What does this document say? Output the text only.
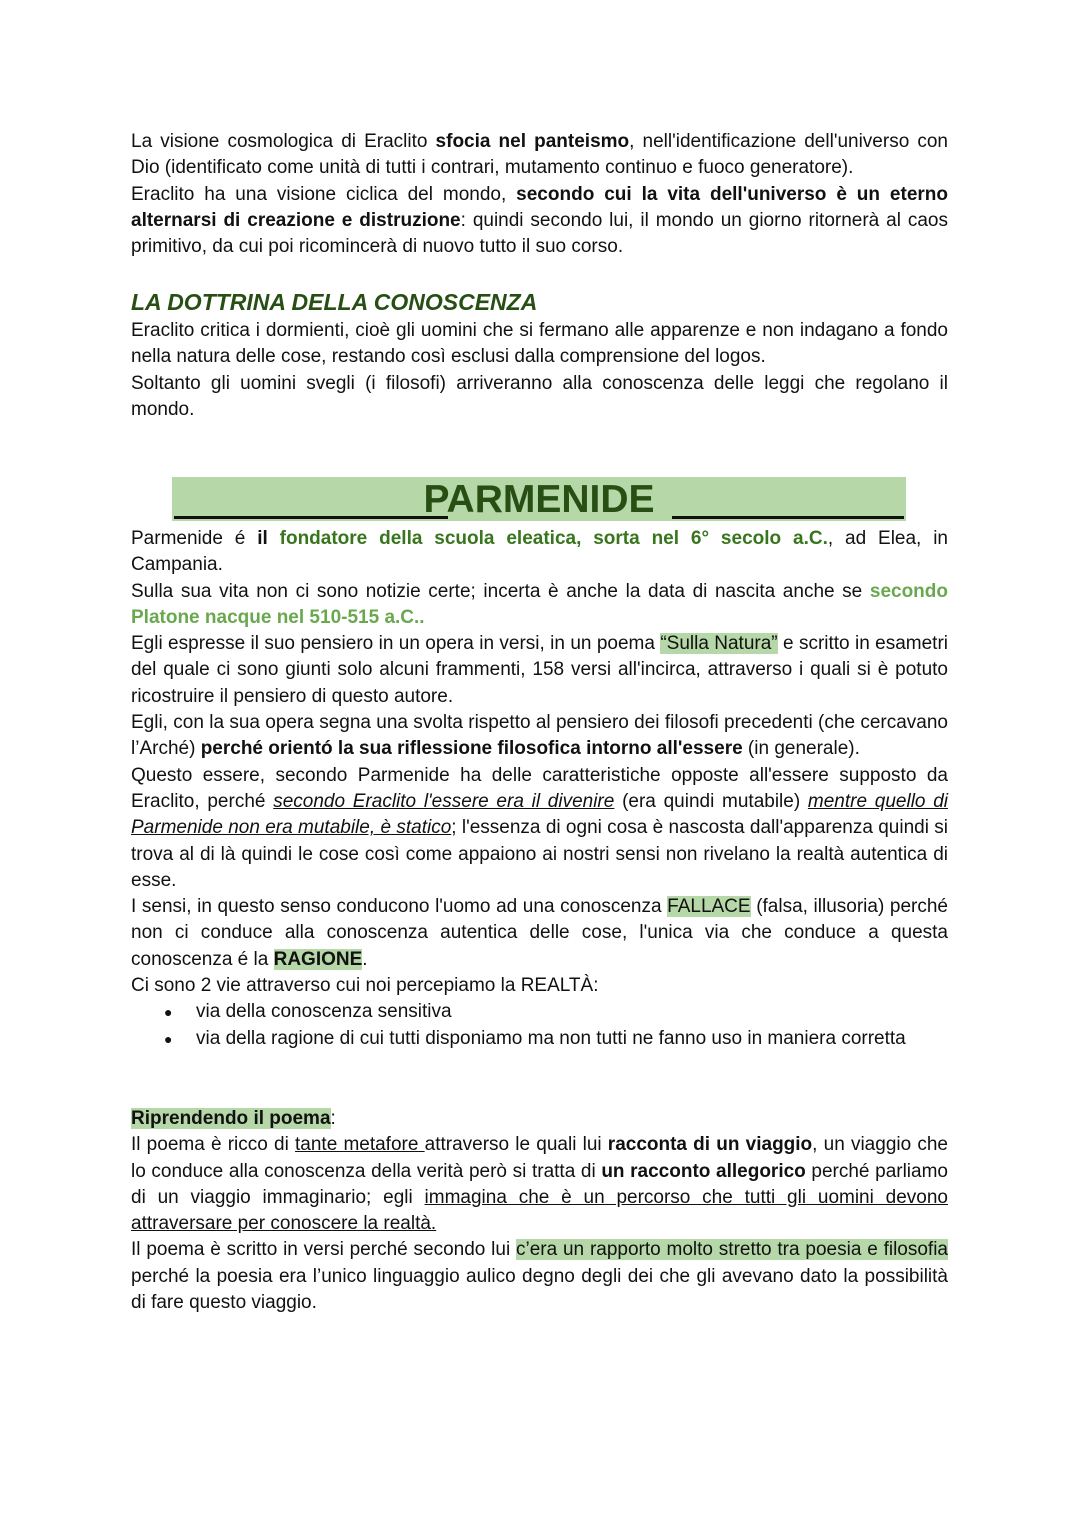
La visione cosmologica di Eraclito sfocia nel panteismo, nell'identificazione dell'universo con Dio (identificato come unità di tutti i contrari, mutamento continuo e fuoco generatore).

Eraclito ha una visione ciclica del mondo, secondo cui la vita dell'universo è un eterno alternarsi di creazione e distruzione: quindi secondo lui, il mondo un giorno ritornerà al caos primitivo, da cui poi ricomincerà di nuovo tutto il suo corso.

LA DOTTRINA DELLA CONOSCENZA

Eraclito critica i dormienti, cioè gli uomini che si fermano alle apparenze e non indagano a fondo nella natura delle cose, restando così esclusi dalla comprensione del logos.

Soltanto gli uomini svegli (i filosofi) arriveranno alla conoscenza delle leggi che regolano il mondo.

PARMENIDE

Parmenide é il fondatore della scuola eleatica, sorta nel 6° secolo a.C., ad Elea, in Campania.

Sulla sua vita non ci sono notizie certe; incerta è anche la data di nascita anche se secondo Platone nacque nel 510-515 a.C..

Egli espresse il suo pensiero in un opera in versi, in un poema “Sulla Natura” e scritto in esametri del quale ci sono giunti solo alcuni frammenti, 158 versi all'incirca, attraverso i quali si è potuto ricostruire il pensiero di questo autore.

Egli, con la sua opera segna una svolta rispetto al pensiero dei filosofi precedenti (che cercavano l’Arché) perché orientó la sua riflessione filosofica intorno all'essere (in generale).

Questo essere, secondo Parmenide ha delle caratteristiche opposte all'essere supposto da Eraclito, perché secondo Eraclito l'essere era il divenire (era quindi mutabile) mentre quello di Parmenide non era mutabile, è statico; l'essenza di ogni cosa è nascosta dall'apparenza quindi si trova al di là quindi le cose così come appaiono ai nostri sensi non rivelano la realtà autentica di esse.

I sensi, in questo senso conducono l'uomo ad una conoscenza FALLACE (falsa, illusoria) perché non ci conduce alla conoscenza autentica delle cose, l'unica via che conduce a questa conoscenza é la RAGIONE.

Ci sono 2 vie attraverso cui noi percepiamo la REALTÀ:

● via della conoscenza sensitiva
● via della ragione di cui tutti disponiamo ma non tutti ne fanno uso in maniera corretta

Riprendendo il poema:

Il poema è ricco di tante metafore attraverso le quali lui racconta di un viaggio, un viaggio che lo conduce alla conoscenza della verità però si tratta di un racconto allegorico perché parliamo di un viaggio immaginario; egli immagina che è un percorso che tutti gli uomini devono attraversare per conoscere la realtà.

Il poema è scritto in versi perché secondo lui c’era un rapporto molto stretto tra poesia e filosofia perché la poesia era l’unico linguaggio aulico degno degli dei che gli avevano dato la possibilità di fare questo viaggio.
